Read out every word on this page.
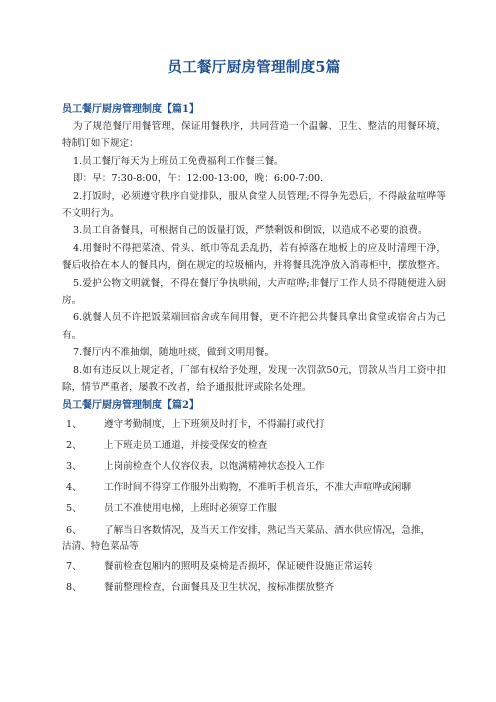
员工餐厅厨房管理制度5篇

员工餐厅厨房管理制度【篇1】

为了规范餐厅用餐管理，保证用餐秩序，共同营造一个温馨、卫生、整洁的用餐环境，特制订如下规定：

1.员工餐厅每天为上班员工免费福利工作餐三餐。

即：早：7:30-8:00，午：12:00-13:00，晚：6:00-7:00.

2.打饭时，必须遵守秩序自觉排队，服从食堂人员管理;不得争先恐后，不得敲盆喧哗等不文明行为。

3.员工自备餐具，可根据自己的饭量打饭，严禁剩饭和倒饭，以造成不必要的浪费。

4.用餐时不得把菜渣、骨头、纸巾等乱丢乱扔，若有掉落在地板上的应及时清理干净，餐后收拾在本人的餐具内，倒在规定的垃圾桶内，并将餐具洗净放入消毒柜中，摆放整齐。

5.爱护公物文明就餐，不得在餐厅争执哄闹，大声喧哗;非餐厅工作人员不得随便进入厨房。

6.就餐人员不许把饭菜端回宿舍或车间用餐，更不许把公共餐具拿出食堂或宿舍占为己有。

7.餐厅内不准抽烟，随地吐痰，做到文明用餐。

8.如有违反以上规定者，厂部有权给予处理，发现一次罚款50元，罚款从当月工资中扣除，情节严重者，屡教不改者，给予通报批评或除名处理。

员工餐厅厨房管理制度【篇2】

1、 遵守考勤制度，上下班须及时打卡，不得漏打或代打
2、 上下班走员工通道，并接受保安的检查
3、 上岗前检查个人仪容仪表，以饱满精神状态投入工作
4、 工作时间不得穿工作服外出购物，不准听手机音乐，不准大声喧哗或闲聊
5、 员工不准使用电梯，上班时必须穿工作服
6、 了解当日客数情况，及当天工作安排，熟记当天菜品、酒水供应情况，急推，
沽清、特色菜品等
7、 餐前检查包厢内的照明及桌椅是否损坏，保证硬件设施正常运转
8、 餐前整理检查，台面餐具及卫生状况，按标准摆放整齐
